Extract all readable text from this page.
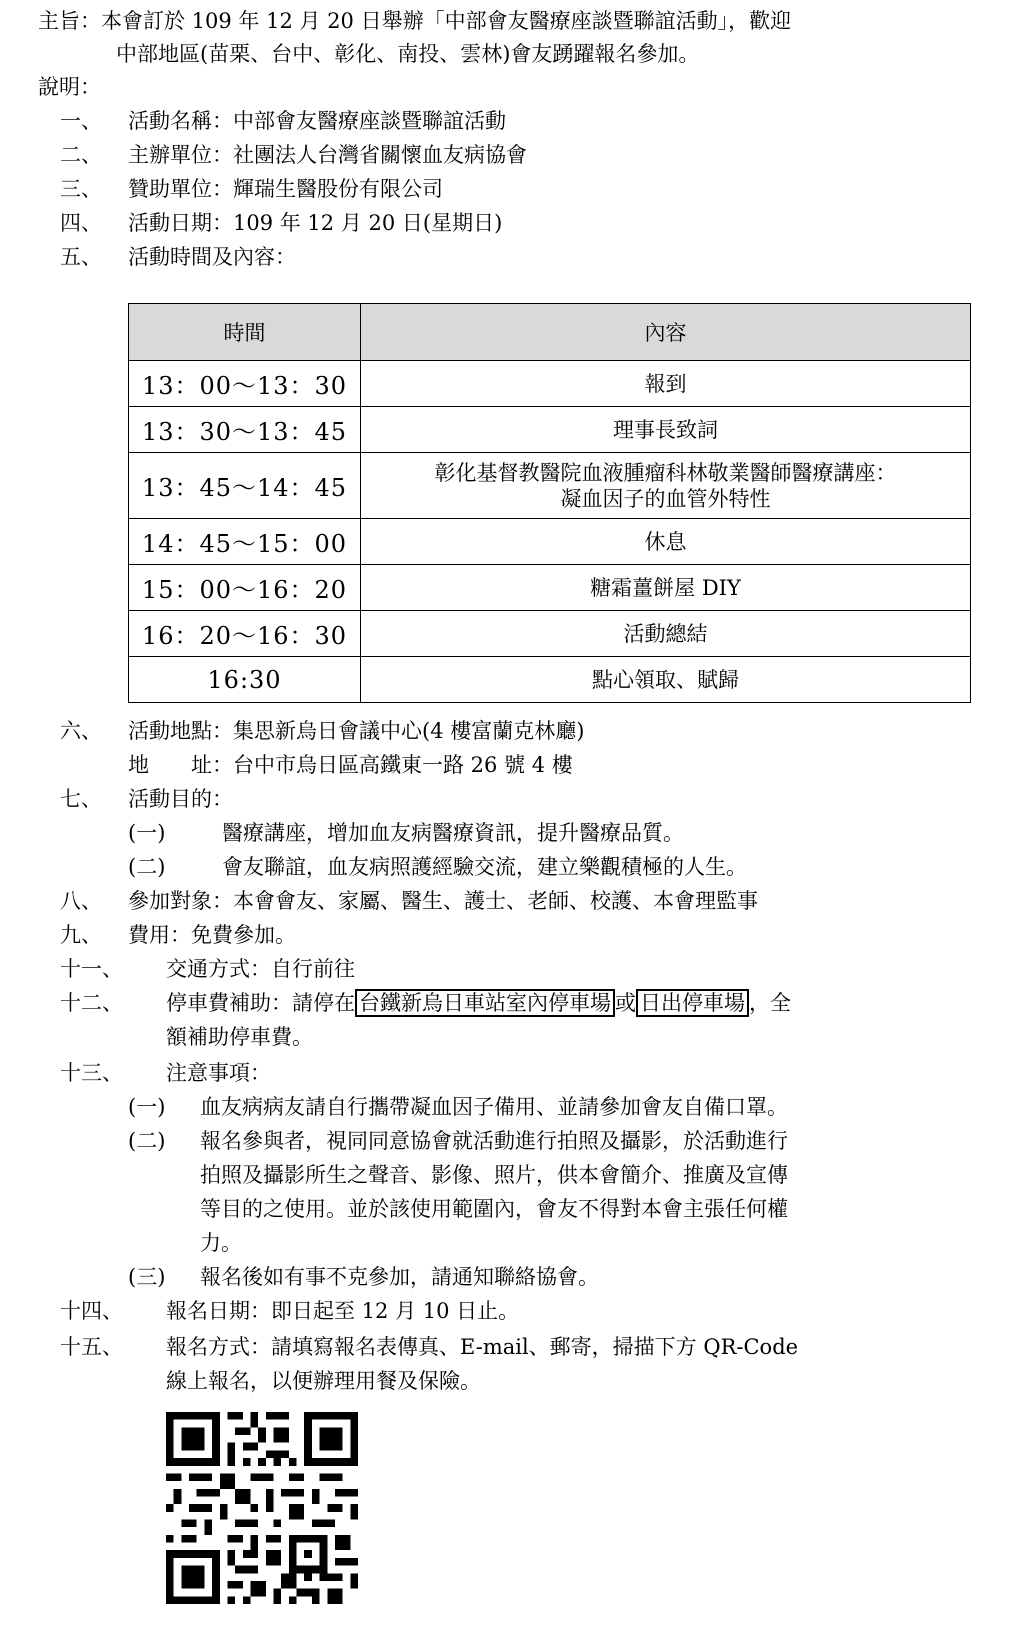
主旨：本會訂於 109 年 12 月 20 日舉辦「中部會友醫療座談暨聯誼活動」，歡迎
中部地區(苗栗、台中、彰化、南投、雲林)會友踴躍報名參加。
說明：
一、 活動名稱：中部會友醫療座談暨聯誼活動
二、 主辦單位：社團法人台灣省關懷血友病協會
三、 贊助單位：輝瑞生醫股份有限公司
四、 活動日期：109 年 12 月 20 日(星期日)
五、 活動時間及內容：
時間	內容
13：00～13：30	報到
13：30～13：45	理事長致詞
13：45～14：45	彰化基督教醫院血液腫瘤科林敬業醫師醫療講座：
凝血因子的血管外特性

14：45～15：00	休息
15：00～16：20	糖霜薑餅屋 DIY
16：20～16：30	活動總結
16:30	點心領取、賦歸
六、 活動地點：集思新烏日會議中心(4 樓富蘭克林廳)
地　　址：台中市烏日區高鐵東一路 26 號 4 樓
七、 活動目的：
(一)	醫療講座，增加血友病醫療資訊，提升醫療品質。
(二)	會友聯誼，血友病照護經驗交流，建立樂觀積極的人生。
八、 參加對象：本會會友、家屬、醫生、護士、老師、校護、本會理監事
九、 費用：免費參加。
十一、 交通方式：自行前往
十二、 停車費補助：請停在 台鐵新烏日車站室內停車場 或 日出停車場 ，全
額補助停車費。
十三、 注意事項：
(一) 血友病病友請自行攜帶凝血因子備用、並請參加會友自備口罩。
(二) 報名參與者，視同同意協會就活動進行拍照及攝影，於活動進行
拍照及攝影所生之聲音、影像、照片，供本會簡介、推廣及宣傳
等目的之使用。並於該使用範圍內，會友不得對本會主張任何權
力。
(三) 報名後如有事不克參加，請通知聯絡協會。
十四、 報名日期：即日起至 12 月 10 日止。
十五、 報名方式：請填寫報名表傳真、E-mail、郵寄，掃描下方 QR-Code
線上報名，以便辦理用餐及保險。
